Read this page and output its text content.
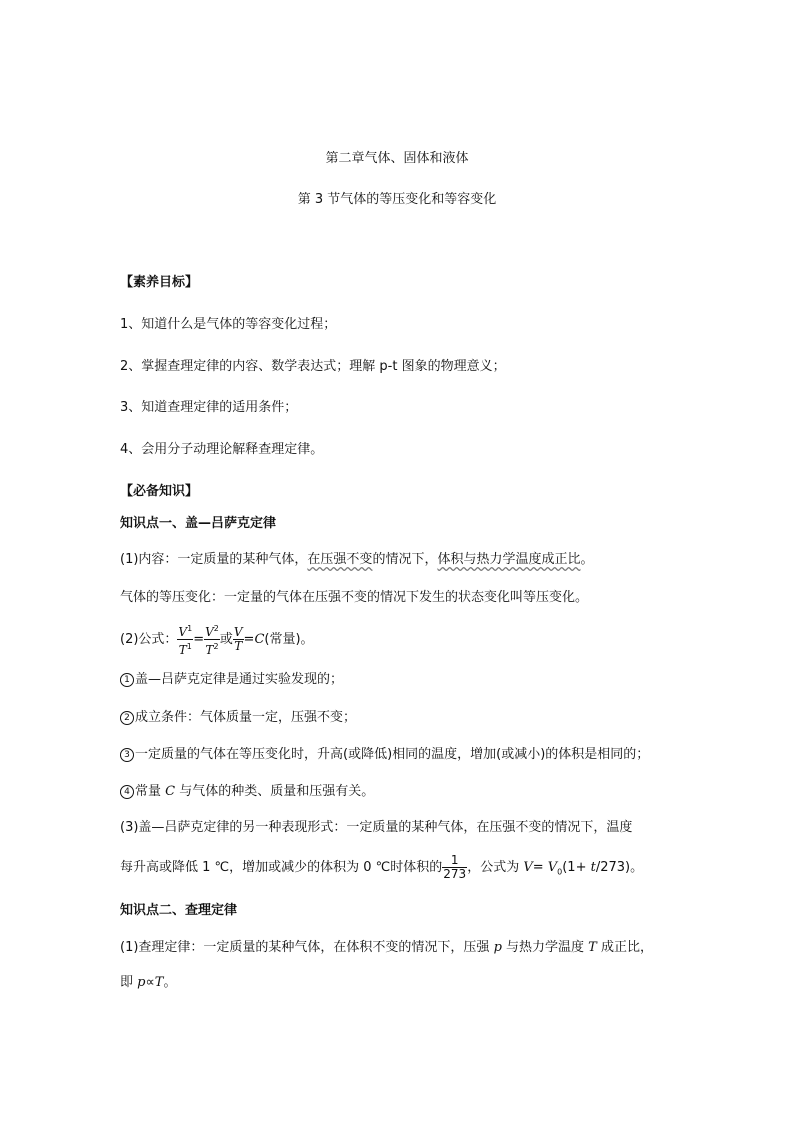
第二章气体、固体和液体
第 3 节气体的等压变化和等容变化
【素养目标】
1、知道什么是气体的等容变化过程；
2、掌握查理定律的内容、数学表达式；理解 p-t 图象的物理意义；
3、知道查理定律的适用条件；
4、会用分子动理论解释查理定律。
【必备知识】
知识点一、盖—吕萨克定律
(1)内容：一定质量的某种气体，在压强不变的情况下，体积与热力学温度成正比。
气体的等压变化：一定量的气体在压强不变的情况下发生的状态变化叫等压变化。
(2)公式： $\frac{V^1}{T^1} = \frac{V^2}{T^2}$ 或 $\frac{V}{T} =C$(常量)。
1 盖—吕萨克定律是通过实验发现的；
2 成立条件：气体质量一定，压强不变；
3 一定质量的气体在等压变化时，升高(或降低)相同的温度，增加(或减小)的体积是相同的；
4 常量 C 与气体的种类、质量和压强有关。
(3)盖—吕萨克定律的另一种表现形式：一定质量的某种气体，在压强不变的情况下，温度
每升高或降低 1 ℃，增加或减少的体积为 0 ℃时体积的 $\frac{1}{273}$ ，公式为 $V= V_0(1+ t/273)$。
知识点二、查理定律
(1)查理定律：一定质量的某种气体，在体积不变的情况下，压强 p 与热力学温度 T 成正比，
即 p∝T。
